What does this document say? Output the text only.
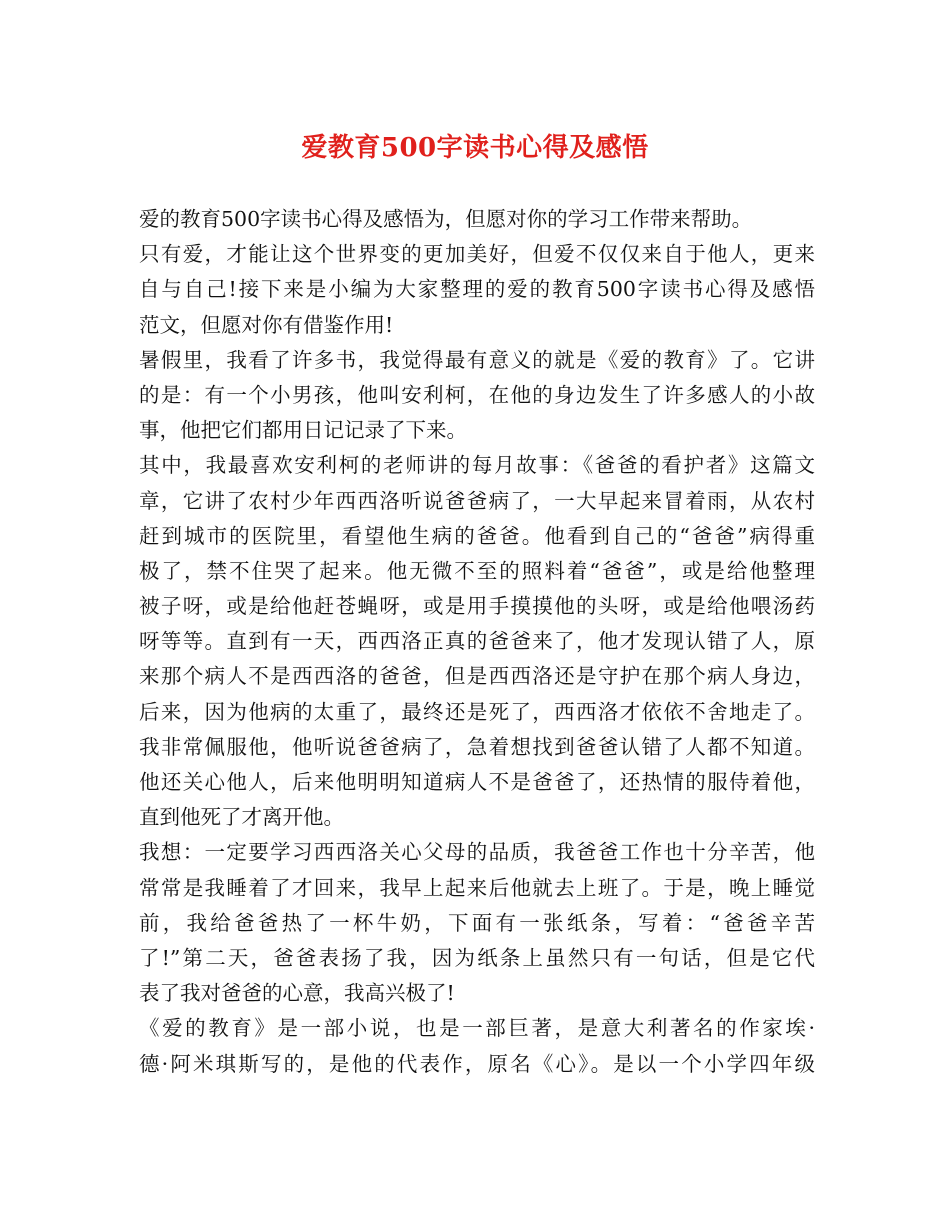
爱教育500字读书心得及感悟
爱的教育500字读书心得及感悟为，但愿对你的学习工作带来帮助。
只有爱，才能让这个世界变的更加美好，但爱不仅仅来自于他人，更来
自与自己!接下来是小编为大家整理的爱的教育500字读书心得及感悟
范文，但愿对你有借鉴作用!
暑假里，我看了许多书，我觉得最有意义的就是《爱的教育》了。它讲
的是：有一个小男孩，他叫安利柯，在他的身边发生了许多感人的小故
事，他把它们都用日记记录了下来。
其中，我最喜欢安利柯的老师讲的每月故事：《爸爸的看护者》这篇文
章，它讲了农村少年西西洛听说爸爸病了，一大早起来冒着雨，从农村
赶到城市的医院里，看望他生病的爸爸。他看到自己的“爸爸”病得重
极了，禁不住哭了起来。他无微不至的照料着“爸爸”，或是给他整理
被子呀，或是给他赶苍蝇呀，或是用手摸摸他的头呀，或是给他喂汤药
呀等等。直到有一天，西西洛正真的爸爸来了，他才发现认错了人，原
来那个病人不是西西洛的爸爸，但是西西洛还是守护在那个病人身边，
后来，因为他病的太重了，最终还是死了，西西洛才依依不舍地走了。
我非常佩服他，他听说爸爸病了，急着想找到爸爸认错了人都不知道。
他还关心他人，后来他明明知道病人不是爸爸了，还热情的服侍着他，
直到他死了才离开他。
我想：一定要学习西西洛关心父母的品质，我爸爸工作也十分辛苦，他
常常是我睡着了才回来，我早上起来后他就去上班了。于是，晚上睡觉
前，我给爸爸热了一杯牛奶，下面有一张纸条，写着：“爸爸辛苦
了!”第二天，爸爸表扬了我，因为纸条上虽然只有一句话，但是它代
表了我对爸爸的心意，我高兴极了!
《爱的教育》是一部小说，也是一部巨著，是意大利著名的作家埃·
德·阿米琪斯写的，是他的代表作，原名《心》。是以一个小学四年级
